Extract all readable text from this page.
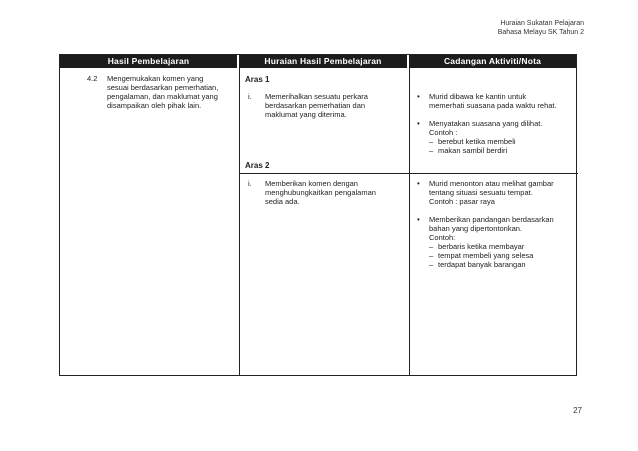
Huraian Sukatan Pelajaran
Bahasa Melayu SK Tahun 2
Hasil Pembelajaran	Huraian Hasil Pembelajaran	Cadangan Aktiviti/Nota
4.2 Mengemukakan komen yang
sesuai berdasarkan pemerhatian,
pengalaman, dan maklumat yang
disampaikan oleh pihak lain.
Aras 1
i. Memerihalkan sesuatu perkara
berdasarkan pemerhatian dan
maklumat yang diterima.
Aras 2
i. Memberikan komen dengan
menghubungkaitkan pengalaman
sedia ada.
• Murid dibawa ke kantin untuk
memerhati suasana pada waktu rehat.
• Menyatakan suasana yang dilihat.
Contoh :
– berebut ketika membeli
– makan sambil berdiri
• Murid menonton atau melihat gambar
tentang situasi sesuatu tempat.
Contoh : pasar raya
• Memberikan pandangan berdasarkan
bahan yang dipertontonkan.
Contoh:
– berbaris ketika membayar
– tempat membeli yang selesa
– terdapat banyak barangan
27
